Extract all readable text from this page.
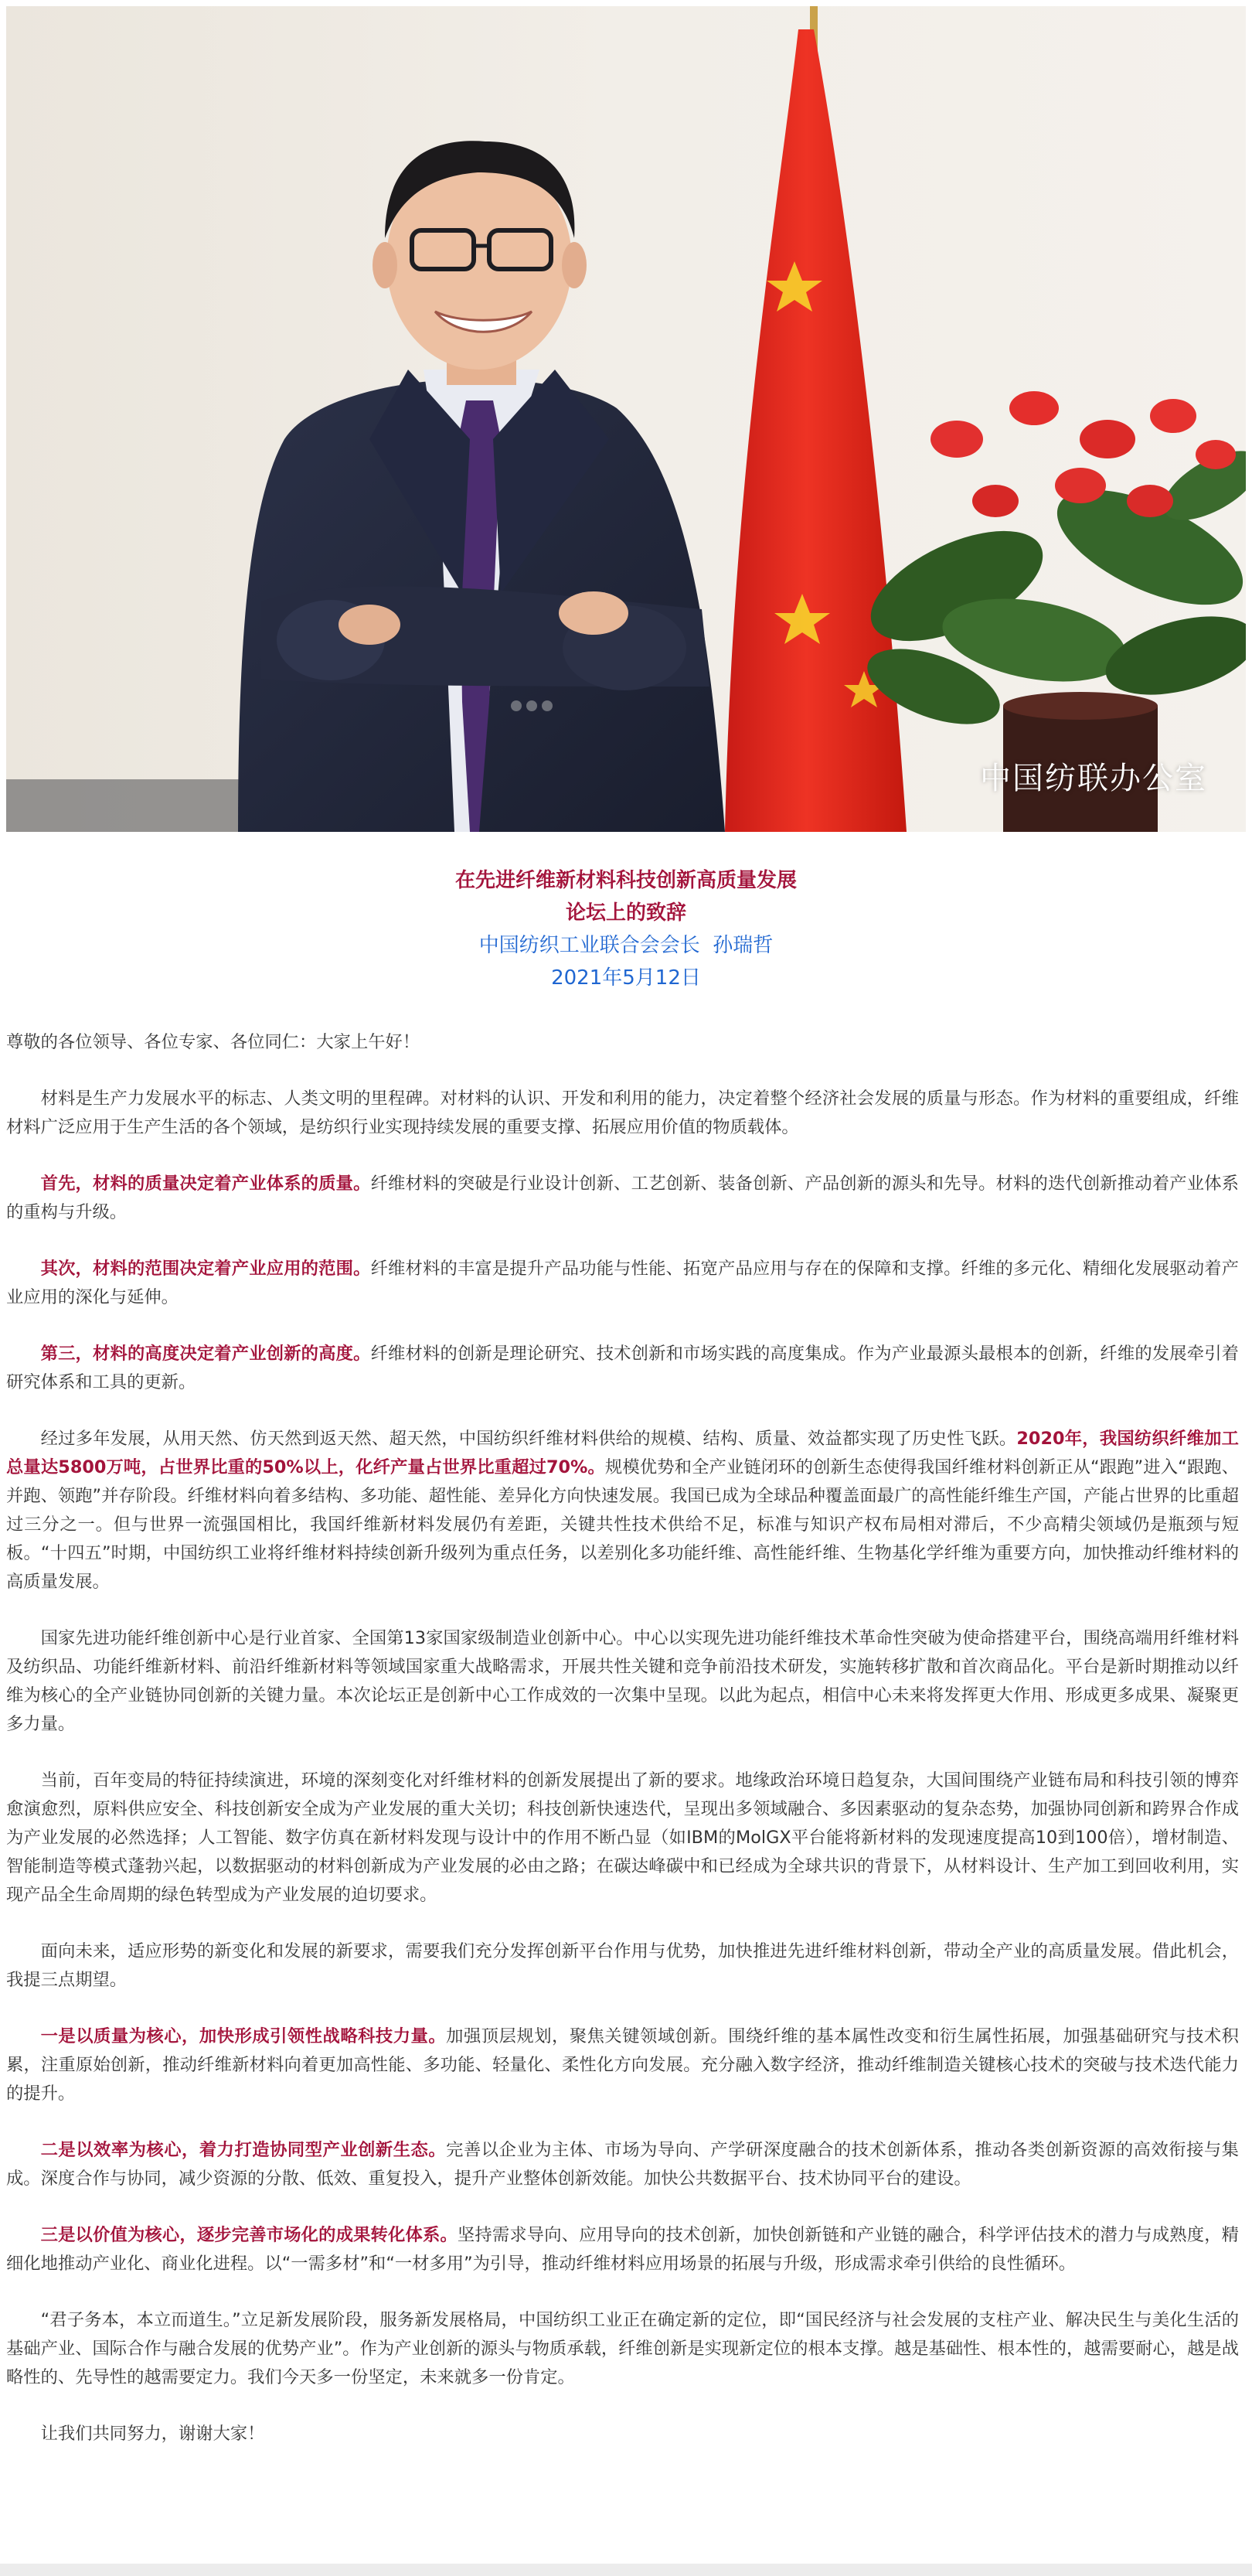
中国纺联办公室
在先进纤维新材料科技创新高质量发展
论坛上的致辞
中国纺织工业联合会会长  孙瑞哲
2021年5月12日

尊敬的各位领导、各位专家、各位同仁：大家上午好！

材料是生产力发展水平的标志、人类文明的里程碑。对材料的认识、开发和利用的能力，决定着整个经济社会发展的质量与形态。作为材料的重要组成，纤维材料广泛应用于生产生活的各个领域，是纺织行业实现持续发展的重要支撑、拓展应用价值的物质载体。

首先，材料的质量决定着产业体系的质量。纤维材料的突破是行业设计创新、工艺创新、装备创新、产品创新的源头和先导。材料的迭代创新推动着产业体系的重构与升级。

其次，材料的范围决定着产业应用的范围。纤维材料的丰富是提升产品功能与性能、拓宽产品应用与存在的保障和支撑。纤维的多元化、精细化发展驱动着产业应用的深化与延伸。

第三，材料的高度决定着产业创新的高度。纤维材料的创新是理论研究、技术创新和市场实践的高度集成。作为产业最源头最根本的创新，纤维的发展牵引着研究体系和工具的更新。

经过多年发展，从用天然、仿天然到返天然、超天然，中国纺织纤维材料供给的规模、结构、质量、效益都实现了历史性飞跃。2020年，我国纺织纤维加工总量达5800万吨，占世界比重的50%以上，化纤产量占世界比重超过70%。规模优势和全产业链闭环的创新生态使得我国纤维材料创新正从“跟跑”进入“跟跑、并跑、领跑”并存阶段。纤维材料向着多结构、多功能、超性能、差异化方向快速发展。我国已成为全球品种覆盖面最广的高性能纤维生产国，产能占世界的比重超过三分之一。但与世界一流强国相比，我国纤维新材料发展仍有差距，关键共性技术供给不足，标准与知识产权布局相对滞后，不少高精尖领域仍是瓶颈与短板。“十四五”时期，中国纺织工业将纤维材料持续创新升级列为重点任务，以差别化多功能纤维、高性能纤维、生物基化学纤维为重要方向，加快推动纤维材料的高质量发展。

国家先进功能纤维创新中心是行业首家、全国第13家国家级制造业创新中心。中心以实现先进功能纤维技术革命性突破为使命搭建平台，围绕高端用纤维材料及纺织品、功能纤维新材料、前沿纤维新材料等领域国家重大战略需求，开展共性关键和竞争前沿技术研发，实施转移扩散和首次商品化。平台是新时期推动以纤维为核心的全产业链协同创新的关键力量。本次论坛正是创新中心工作成效的一次集中呈现。以此为起点，相信中心未来将发挥更大作用、形成更多成果、凝聚更多力量。

当前，百年变局的特征持续演进，环境的深刻变化对纤维材料的创新发展提出了新的要求。地缘政治环境日趋复杂，大国间围绕产业链布局和科技引领的博弈愈演愈烈，原料供应安全、科技创新安全成为产业发展的重大关切；科技创新快速迭代，呈现出多领域融合、多因素驱动的复杂态势，加强协同创新和跨界合作成为产业发展的必然选择；人工智能、数字仿真在新材料发现与设计中的作用不断凸显（如IBM的MolGX平台能将新材料的发现速度提高10到100倍），增材制造、智能制造等模式蓬勃兴起，以数据驱动的材料创新成为产业发展的必由之路；在碳达峰碳中和已经成为全球共识的背景下，从材料设计、生产加工到回收利用，实现产品全生命周期的绿色转型成为产业发展的迫切要求。

面向未来，适应形势的新变化和发展的新要求，需要我们充分发挥创新平台作用与优势，加快推进先进纤维材料创新，带动全产业的高质量发展。借此机会，我提三点期望。

一是以质量为核心，加快形成引领性战略科技力量。加强顶层规划，聚焦关键领域创新。围绕纤维的基本属性改变和衍生属性拓展，加强基础研究与技术积累，注重原始创新，推动纤维新材料向着更加高性能、多功能、轻量化、柔性化方向发展。充分融入数字经济，推动纤维制造关键核心技术的突破与技术迭代能力的提升。

二是以效率为核心，着力打造协同型产业创新生态。完善以企业为主体、市场为导向、产学研深度融合的技术创新体系，推动各类创新资源的高效衔接与集成。深度合作与协同，减少资源的分散、低效、重复投入，提升产业整体创新效能。加快公共数据平台、技术协同平台的建设。

三是以价值为核心，逐步完善市场化的成果转化体系。坚持需求导向、应用导向的技术创新，加快创新链和产业链的融合，科学评估技术的潜力与成熟度，精细化地推动产业化、商业化进程。以“一需多材”和“一材多用”为引导，推动纤维材料应用场景的拓展与升级，形成需求牵引供给的良性循环。

“君子务本，本立而道生。”立足新发展阶段，服务新发展格局，中国纺织工业正在确定新的定位，即“国民经济与社会发展的支柱产业、解决民生与美化生活的基础产业、国际合作与融合发展的优势产业”。作为产业创新的源头与物质承载，纤维创新是实现新定位的根本支撑。越是基础性、根本性的，越需要耐心，越是战略性的、先导性的越需要定力。我们今天多一份坚定，未来就多一份肯定。

让我们共同努力，谢谢大家！
